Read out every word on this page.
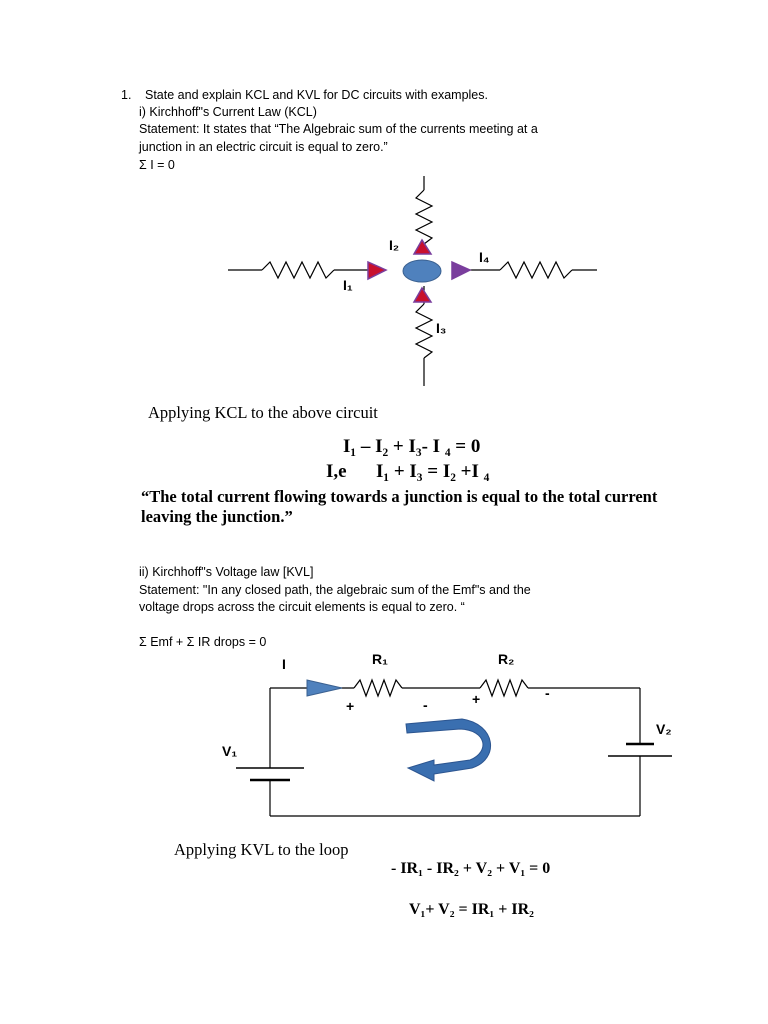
1. State and explain KCL and KVL for DC circuits with examples.
i) Kirchhoff"s Current Law (KCL)
Statement: It states that “The Algebraic sum of the currents meeting at a
junction in an electric circuit is equal to zero.”
Σ I = 0
I₂
I₁
I₄
I₃
Applying KCL to the above circuit
I₁ – I₂ + I₃- I ₄ = 0
I,e I₁ + I₃ = I₂ +I ₄
“The total current flowing towards a junction is equal to the total current
leaving the junction.”
ii) Kirchhoff"s Voltage law [KVL]
Statement: "In any closed path, the algebraic sum of the Emf"s and the
voltage drops across the circuit elements is equal to zero. “
Σ Emf + Σ IR drops = 0
I	R₁	R₂
V₁
V₂
+	-	+	-
Applying KVL to the loop
- IR₁ - IR₂ + V₂ + V₁ = 0
V₁+ V₂ = IR₁ + IR₂
